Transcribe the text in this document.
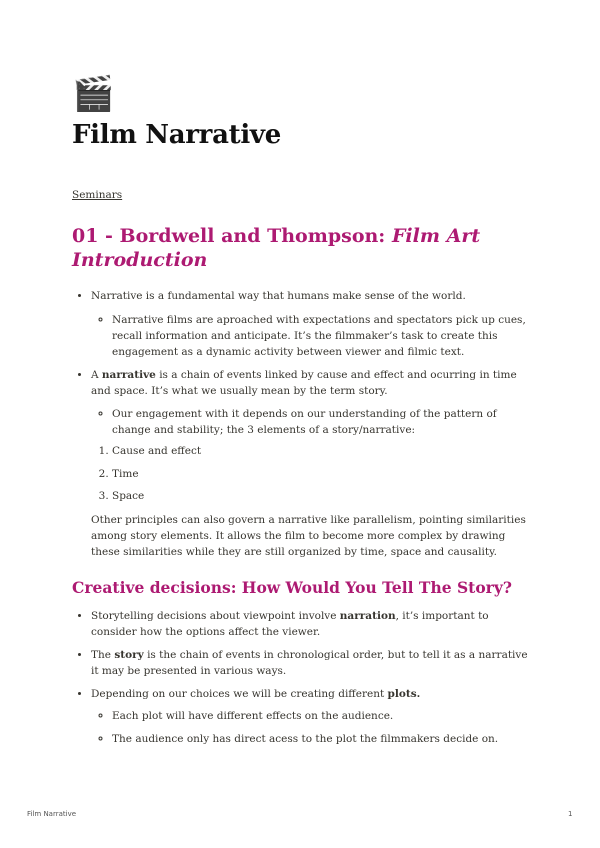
🎬
Film Narrative
Seminars
01 - Bordwell and Thompson: Film Art Introduction
• Narrative is a fundamental way that humans make sense of the world.
◦ Narrative films are aproached with expectations and spectators pick up cues, recall information and anticipate. It’s the filmmaker’s task to create this engagement as a dynamic activity between viewer and filmic text.
• A narrative is a chain of events linked by cause and effect and ocurring in time and space. It’s what we usually mean by the term story.
◦ Our engagement with it depends on our understanding of the pattern of change and stability; the 3 elements of a story/narrative:
1. Cause and effect
2. Time
3. Space

Other principles can also govern a narrative like parallelism, pointing similarities among story elements. It allows the film to become more complex by drawing these similarities while they are still organized by time, space and causality.

Creative decisions: How Would You Tell The Story?
• Storytelling decisions about viewpoint involve narration, it’s important to consider how the options affect the viewer.
• The story is the chain of events in chronological order, but to tell it as a narrative it may be presented in various ways.
• Depending on our choices we will be creating different plots.
◦ Each plot will have different effects on the audience.
◦ The audience only has direct acess to the plot the filmmakers decide on.
Film Narrative	1
